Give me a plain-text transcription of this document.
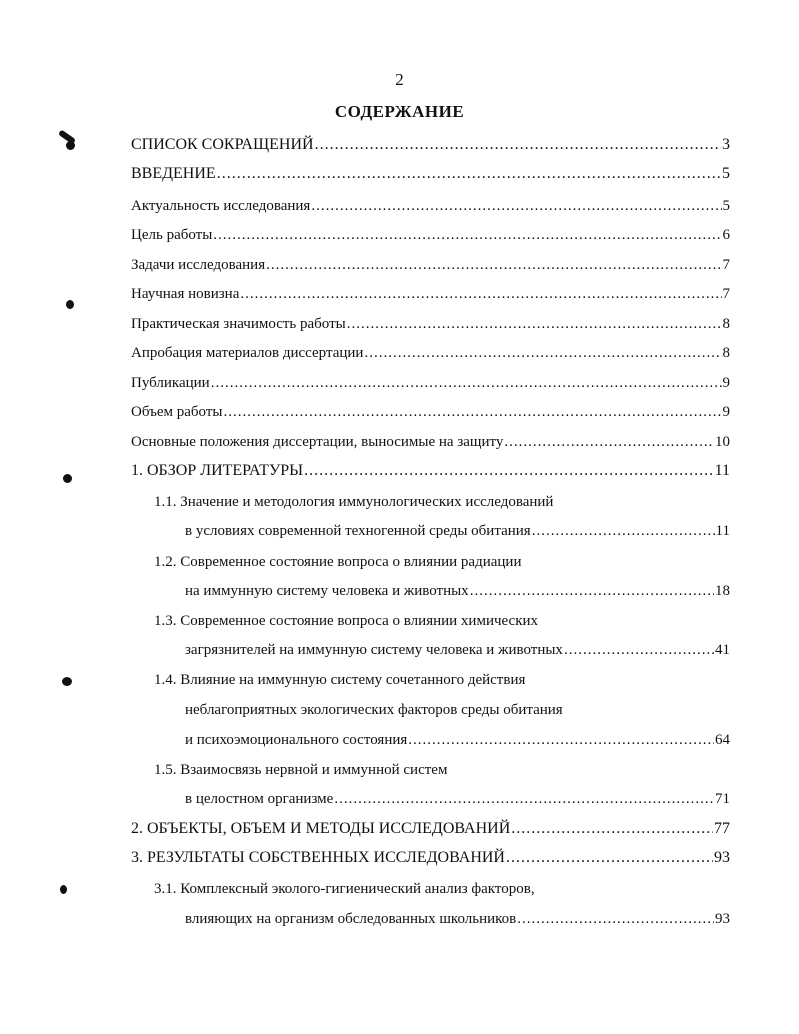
2
СОДЕРЖАНИЕ
СПИСОК СОКРАЩЕНИЙ .....	3
ВВЕДЕНИЕ .....	5
Актуальность исследования .....	5
Цель работы .....	6
Задачи исследования .....	7
Научная новизна .....	7
Практическая значимость работы .....	8
Апробация материалов диссертации .....	8
Публикации .....	9
Объем работы .....	9
Основные положения диссертации, выносимые на защиту .....	10
1. ОБЗОР ЛИТЕРАТУРЫ .....	11
1.1. Значение и методология иммунологических исследований
в условиях современной техногенной среды обитания .....	11
1.2. Современное состояние вопроса о влиянии радиации
на иммунную систему человека и животных .....	18
1.3. Современное состояние вопроса о влиянии химических
загрязнителей на иммунную систему человека и животных .....	41
1.4. Влияние на иммунную систему сочетанного действия
неблагоприятных экологических факторов среды обитания
и психоэмоционального состояния .....	64
1.5. Взаимосвязь нервной и иммунной систем
в целостном организме .....	71
2. ОБЪЕКТЫ, ОБЪЕМ И МЕТОДЫ ИССЛЕДОВАНИЙ .....	77
3. РЕЗУЛЬТАТЫ СОБСТВЕННЫХ ИССЛЕДОВАНИЙ .....	93
3.1. Комплексный эколого-гигиенический анализ факторов,
влияющих на организм обследованных школьников .....	93
